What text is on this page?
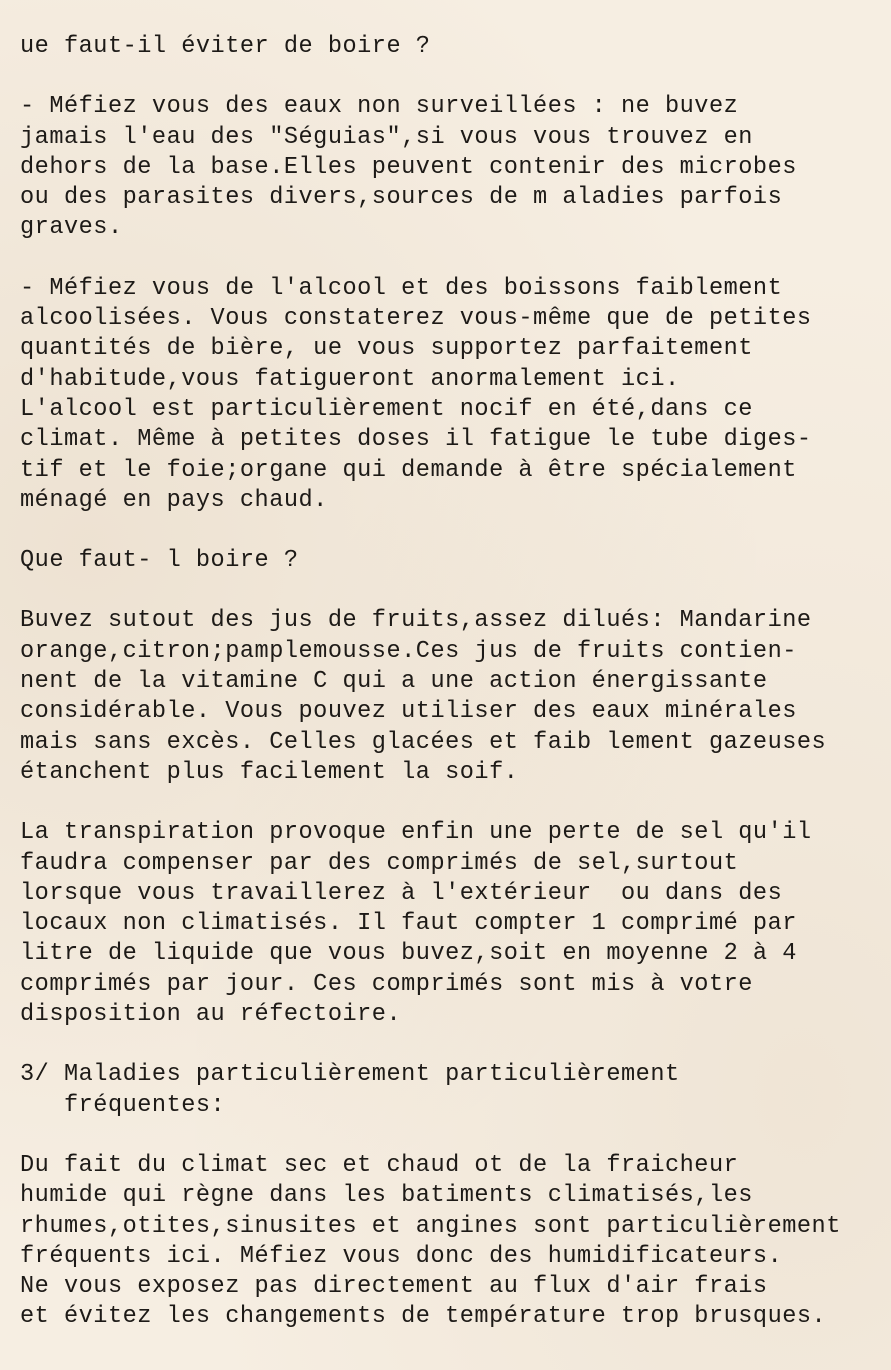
ue faut-il éviter de boire ?
- Méfiez vous des eaux non surveillées : ne buvez
jamais l'eau des "Séguias",si vous vous trouvez en
dehors de la base.Elles peuvent contenir des microbes
ou des parasites divers,sources de m aladies parfois
graves.
- Méfiez vous de l'alcool et des boissons faiblement
alcoolisées. Vous constaterez vous-même que de petites
quantités de bière, ue vous supportez parfaitement
d'habitude,vous fatigueront anormalement ici.
L'alcool est particulièrement nocif en été,dans ce
climat. Même à petites doses il fatigue le tube diges-
tif et le foie;organe qui demande à être spécialement
ménagé en pays chaud.
Que faut- l boire ?
Buvez sutout des jus de fruits,assez dilués: Mandarine
orange,citron;pamplemousse.Ces jus de fruits contien-
nent de la vitamine C qui a une action énergissante
considérable. Vous pouvez utiliser des eaux minérales
mais sans excès. Celles glacées et faib lement gazeuses
étanchent plus facilement la soif.
La transpiration provoque enfin une perte de sel qu'il
faudra compenser par des comprimés de sel,surtout
lorsque vous travaillerez à l'extérieur  ou dans des
locaux non climatisés. Il faut compter 1 comprimé par
litre de liquide que vous buvez,soit en moyenne 2 à 4
comprimés par jour. Ces comprimés sont mis à votre
disposition au réfectoire.
3/ Maladies particulièrement particulièrement
fréquentes:
Du fait du climat sec et chaud ot de la fraicheur
humide qui règne dans les batiments climatisés,les
rhumes,otites,sinusites et angines sont particulièrement
fréquents ici. Méfiez vous donc des humidificateurs.
Ne vous exposez pas directement au flux d'air frais
et évitez les changements de température trop brusques.
